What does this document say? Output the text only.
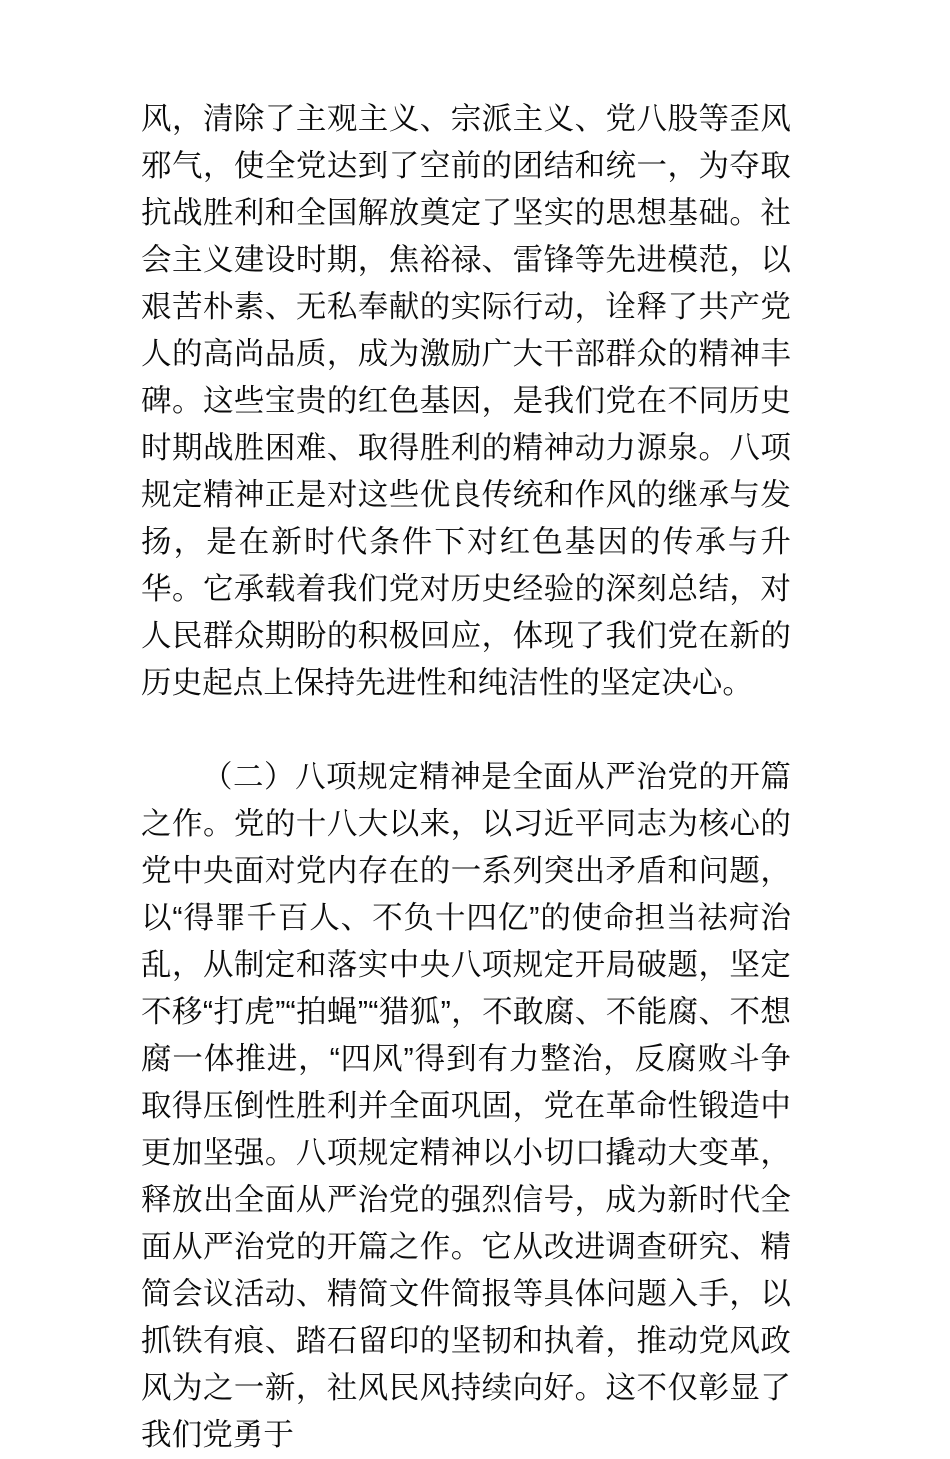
风，清除了主观主义、宗派主义、党八股等歪风邪气，使全党达到了空前的团结和统一，为夺取抗战胜利和全国解放奠定了坚实的思想基础。社会主义建设时期，焦裕禄、雷锋等先进模范，以艰苦朴素、无私奉献的实际行动，诠释了共产党人的高尚品质，成为激励广大干部群众的精神丰碑。这些宝贵的红色基因，是我们党在不同历史时期战胜困难、取得胜利的精神动力源泉。八项规定精神正是对这些优良传统和作风的继承与发扬，是在新时代条件下对红色基因的传承与升华。它承载着我们党对历史经验的深刻总结，对人民群众期盼的积极回应，体现了我们党在新的历史起点上保持先进性和纯洁性的坚定决心。

（二）八项规定精神是全面从严治党的开篇之作。党的十八大以来，以习近平同志为核心的党中央面对党内存在的一系列突出矛盾和问题，以“得罪千百人、不负十四亿”的使命担当祛疴治乱，从制定和落实中央八项规定开局破题，坚定不移“打虎”“拍蝇”“猎狐”，不敢腐、不能腐、不想腐一体推进，“四风”得到有力整治，反腐败斗争取得压倒性胜利并全面巩固，党在革命性锻造中更加坚强。八项规定精神以小切口撬动大变革，释放出全面从严治党的强烈信号，成为新时代全面从严治党的开篇之作。它从改进调查研究、精简会议活动、精简文件简报等具体问题入手，以抓铁有痕、踏石留印的坚韧和执着，推动党风政风为之一新，社风民风持续向好。这不仅彰显了我们党勇于
